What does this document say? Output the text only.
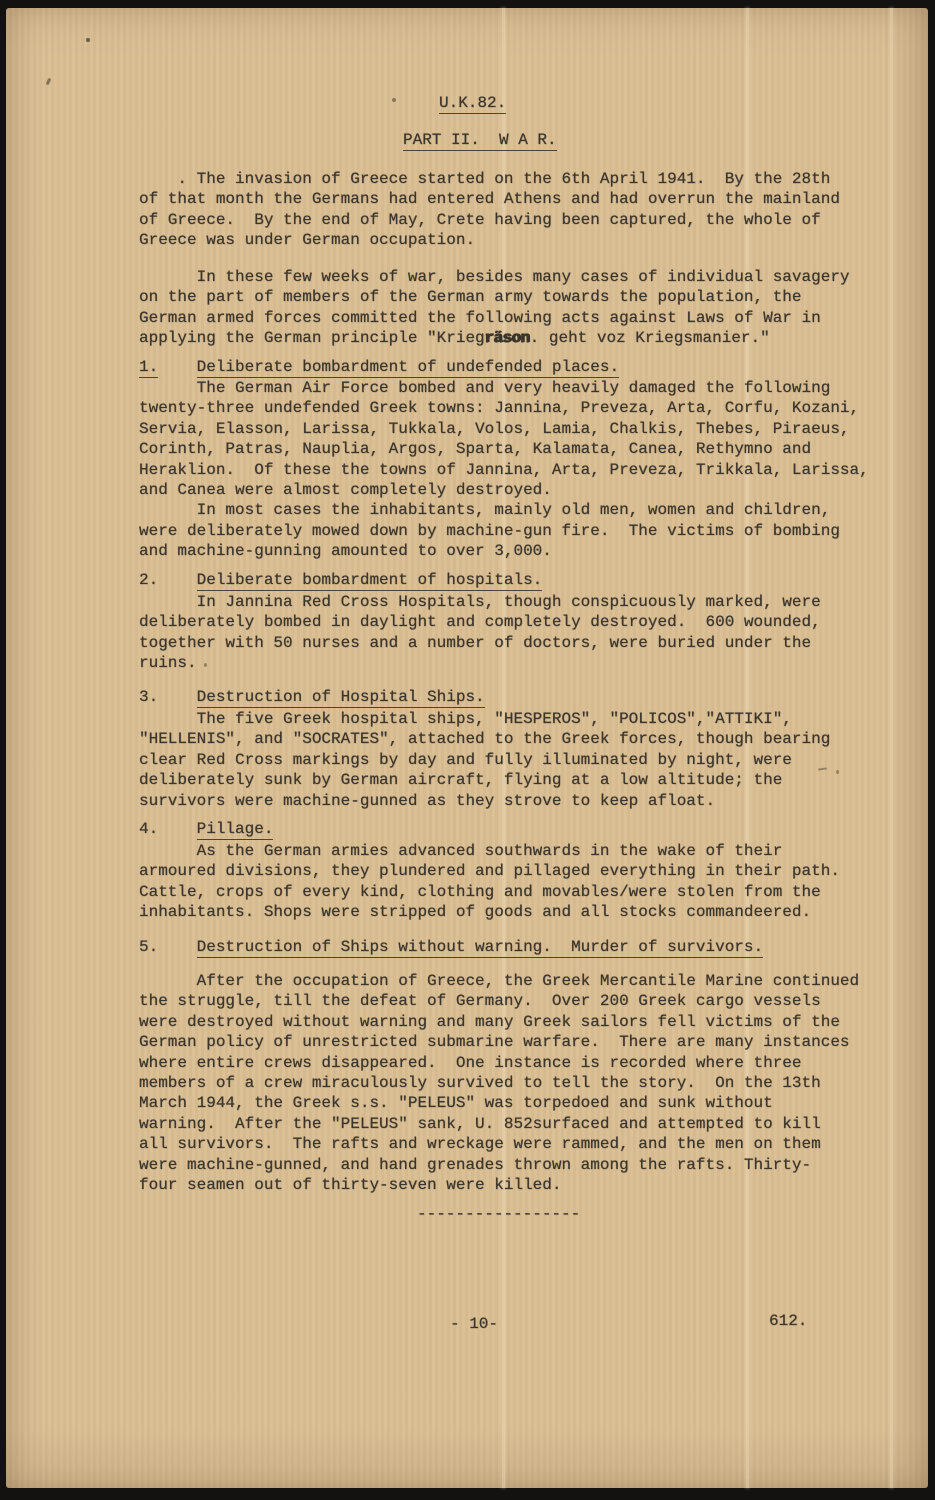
U.K.82.
PART II.  W A R.
. The invasion of Greece started on the 6th April 1941.  By the 28th
of that month the Germans had entered Athens and had overrun the mainland
of Greece.  By the end of May, Crete having been captured, the whole of
Greece was under German occupation.
In these few weeks of war, besides many cases of individual savagery
on the part of members of the German army towards the population, the
German armed forces committed the following acts against Laws of War in
applying the German principle "Kriegräson. geht voz Kriegsmanier."
1. Deliberate bombardment of undefended places.
The German Air Force bombed and very heavily damaged the following
twenty-three undefended Greek towns: Jannina, Preveza, Arta, Corfu, Kozani,
Servia, Elasson, Larissa, Tukkala, Volos, Lamia, Chalkis, Thebes, Piraeus,
Corinth, Patras, Nauplia, Argos, Sparta, Kalamata, Canea, Rethymno and
Heraklion.  Of these the towns of Jannina, Arta, Preveza, Trikkala, Larissa,
and Canea were almost completely destroyed.
In most cases the inhabitants, mainly old men, women and children,
were deliberately mowed down by machine-gun fire.  The victims of bombing
and machine-gunning amounted to over 3,000.
2.    Deliberate bombardment of hospitals.
In Jannina Red Cross Hospitals, though conspicuously marked, were
deliberately bombed in daylight and completely destroyed.  600 wounded,
together with 50 nurses and a number of doctors, were buried under the
ruins.
3.    Destruction of Hospital Ships.
The five Greek hospital ships, "HESPEROS", "POLICOS","ATTIKI",
"HELLENIS", and "SOCRATES", attached to the Greek forces, though bearing
clear Red Cross markings by day and fully illuminated by night, were
deliberately sunk by German aircraft, flying at a low altitude; the
survivors were machine-gunned as they strove to keep afloat.
4.    Pillage.
As the German armies advanced southwards in the wake of their
armoured divisions, they plundered and pillaged everything in their path.
Cattle, crops of every kind, clothing and movables/were stolen from the
inhabitants. Shops were stripped of goods and all stocks commandeered.
5.    Destruction of Ships without warning.  Murder of survivors.
After the occupation of Greece, the Greek Mercantile Marine continued
the struggle, till the defeat of Germany.  Over 200 Greek cargo vessels
were destroyed without warning and many Greek sailors fell victims of the
German policy of unrestricted submarine warfare.  There are many instances
where entire crews disappeared.  One instance is recorded where three
members of a crew miraculously survived to tell the story.  On the 13th
March 1944, the Greek s.s. "PELEUS" was torpedoed and sunk without
warning.  After the "PELEUS" sank, U. 852surfaced and attempted to kill
all survivors.  The rafts and wreckage were rammed, and the men on them
were machine-gunned, and hand grenades thrown among the rafts. Thirty-
four seamen out of thirty-seven were killed.
-----------------
- 10-	612.
